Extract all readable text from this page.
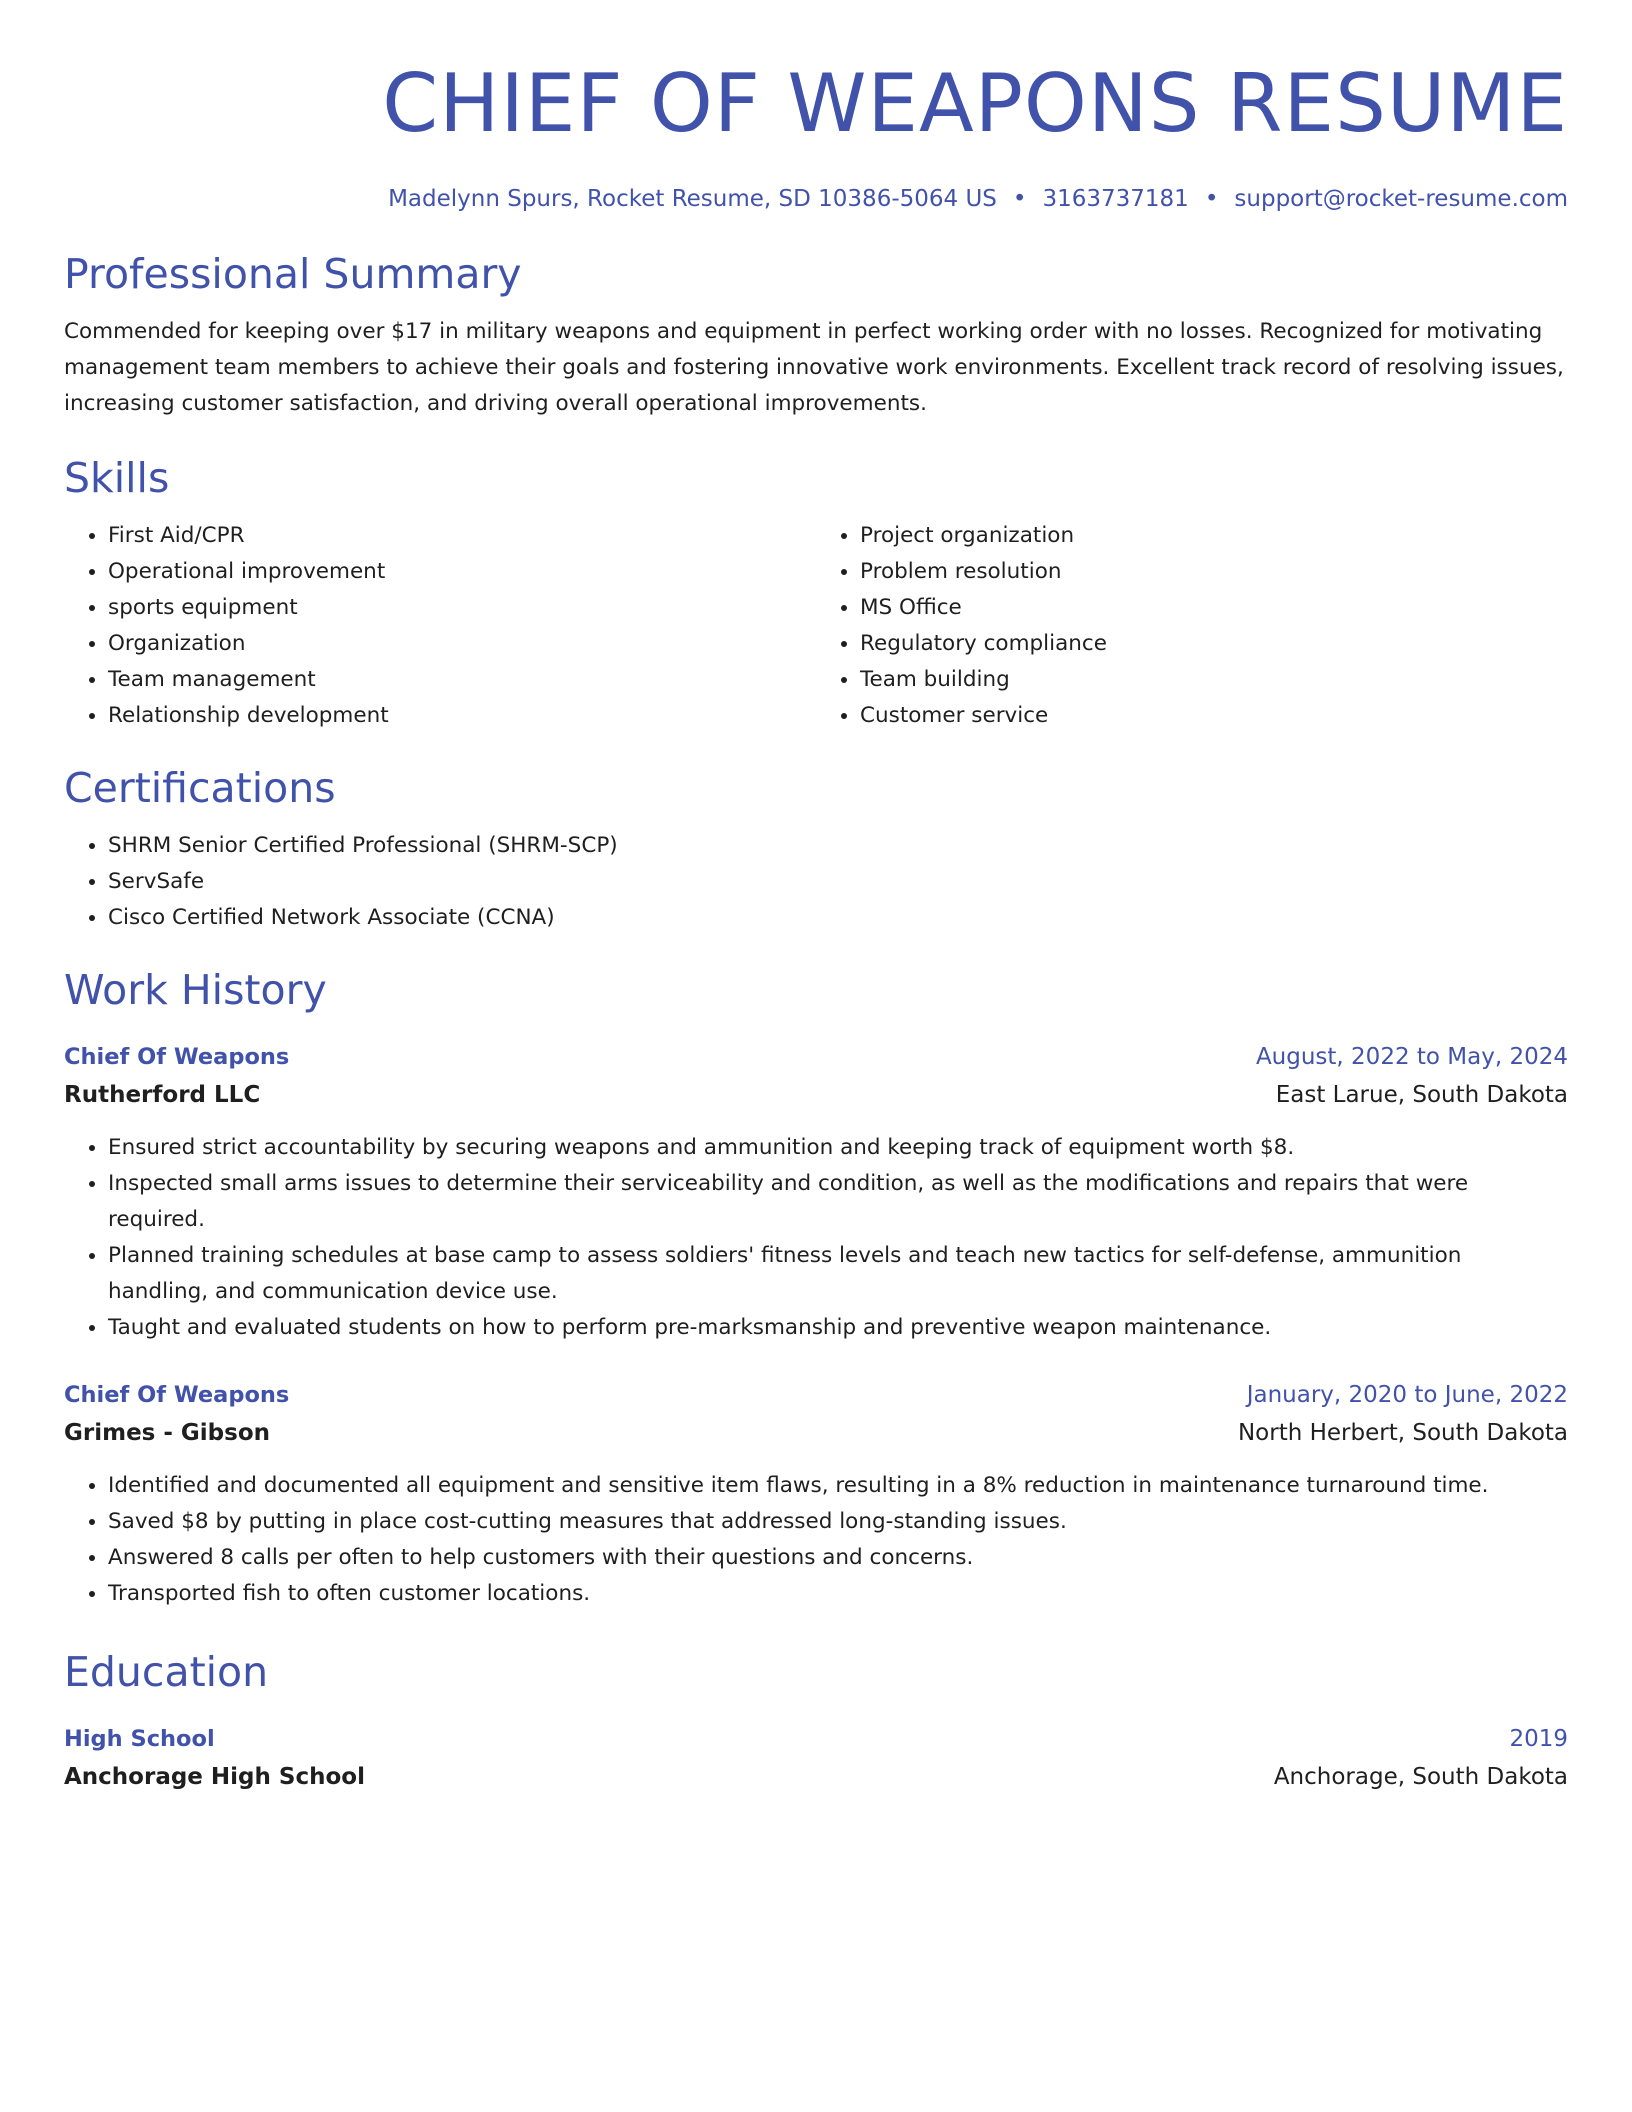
CHIEF OF WEAPONS RESUME
Madelynn Spurs, Rocket Resume, SD 10386-5064 US • 3163737181 • support@rocket-resume.com
Professional Summary
Commended for keeping over $17 in military weapons and equipment in perfect working order with no losses. Recognized for motivating management team members to achieve their goals and fostering innovative work environments. Excellent track record of resolving issues, increasing customer satisfaction, and driving overall operational improvements.
Skills
• First Aid/CPR
• Operational improvement
• sports equipment
• Organization
• Team management
• Relationship development
• Project organization
• Problem resolution
• MS Office
• Regulatory compliance
• Team building
• Customer service
Certifications
• SHRM Senior Certified Professional (SHRM-SCP)
• ServSafe
• Cisco Certified Network Associate (CCNA)
Work History
Chief Of Weapons	August, 2022 to May, 2024
Rutherford LLC	East Larue, South Dakota
• Ensured strict accountability by securing weapons and ammunition and keeping track of equipment worth $8.
• Inspected small arms issues to determine their serviceability and condition, as well as the modifications and repairs that were required.
• Planned training schedules at base camp to assess soldiers' fitness levels and teach new tactics for self-defense, ammunition handling, and communication device use.
• Taught and evaluated students on how to perform pre-marksmanship and preventive weapon maintenance.
Chief Of Weapons	January, 2020 to June, 2022
Grimes - Gibson	North Herbert, South Dakota
• Identified and documented all equipment and sensitive item flaws, resulting in a 8% reduction in maintenance turnaround time.
• Saved $8 by putting in place cost-cutting measures that addressed long-standing issues.
• Answered 8 calls per often to help customers with their questions and concerns.
• Transported fish to often customer locations.
Education
High School	2019
Anchorage High School	Anchorage, South Dakota
